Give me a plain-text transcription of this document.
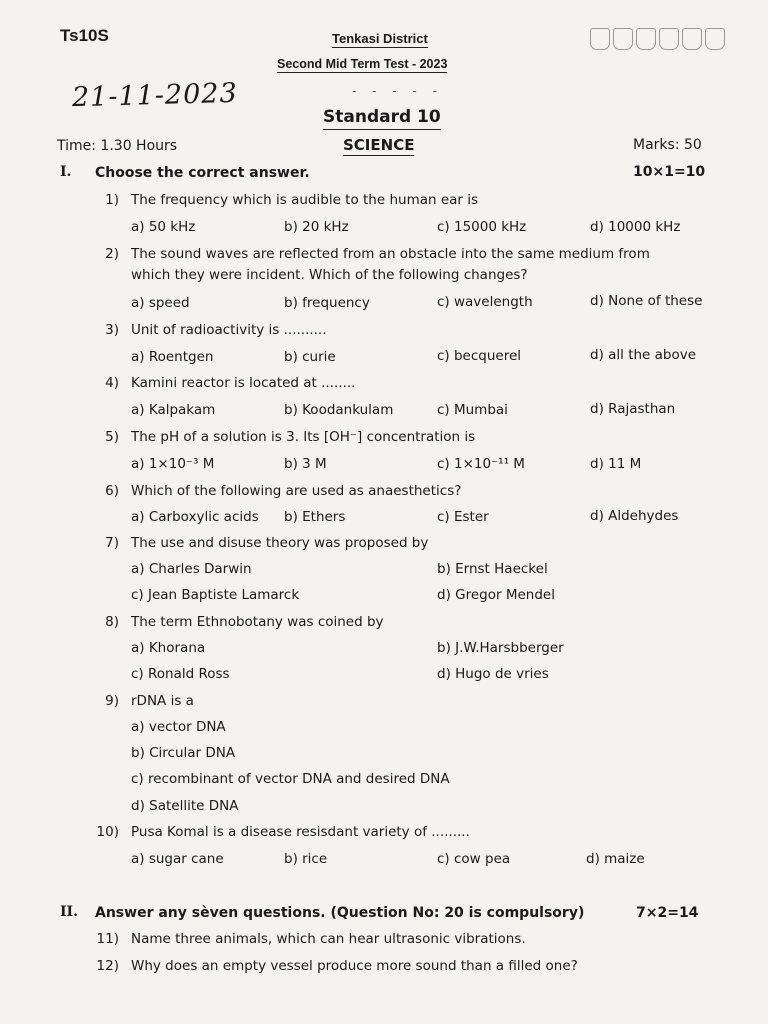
Ts10S	Tenkasi District
Second Mid Term Test - 2023
21-11-2023	- - - - -
Standard 10
Time: 1.30 Hours	SCIENCE	Marks: 50
I. Choose the correct answer.	10×1=10
1) The frequency which is audible to the human ear is
a) 50 kHz	b) 20 kHz	c) 15000 kHz	d) 10000 kHz
2) The sound waves are reflected from an obstacle into the same medium from
which they were incident. Which of the following changes?
a) speed	b) frequency	c) wavelength	d) None of these
3) Unit of radioactivity is ..........
a) Roentgen	b) curie	c) becquerel	d) all the above
4) Kamini reactor is located at ........
a) Kalpakam	b) Koodankulam	c) Mumbai	d) Rajasthan
5) The pH of a solution is 3. Its [OH⁻] concentration is
a) 1×10⁻³ M	b) 3 M	c) 1×10⁻¹¹ M	d) 11 M
6) Which of the following are used as anaesthetics?
a) Carboxylic acids b) Ethers	c) Ester	d) Aldehydes
7) The use and disuse theory was proposed by
a) Charles Darwin	b) Ernst Haeckel
c) Jean Baptiste Lamarck	d) Gregor Mendel
8) The term Ethnobotany was coined by
a) Khorana	b) J.W.Harsbberger
c) Ronald Ross	d) Hugo de vries
9) rDNA is a
a) vector DNA
b) Circular DNA
c) recombinant of vector DNA and desired DNA
d) Satellite DNA
10) Pusa Komal is a disease resisdant variety of .........
a) sugar cane	b) rice	c) cow pea	d) maize
II. Answer any sèven questions. (Question No: 20 is compulsory)	7×2=14
11) Name three animals, which can hear ultrasonic vibrations.
12) Why does an empty vessel produce more sound than a filled one?
